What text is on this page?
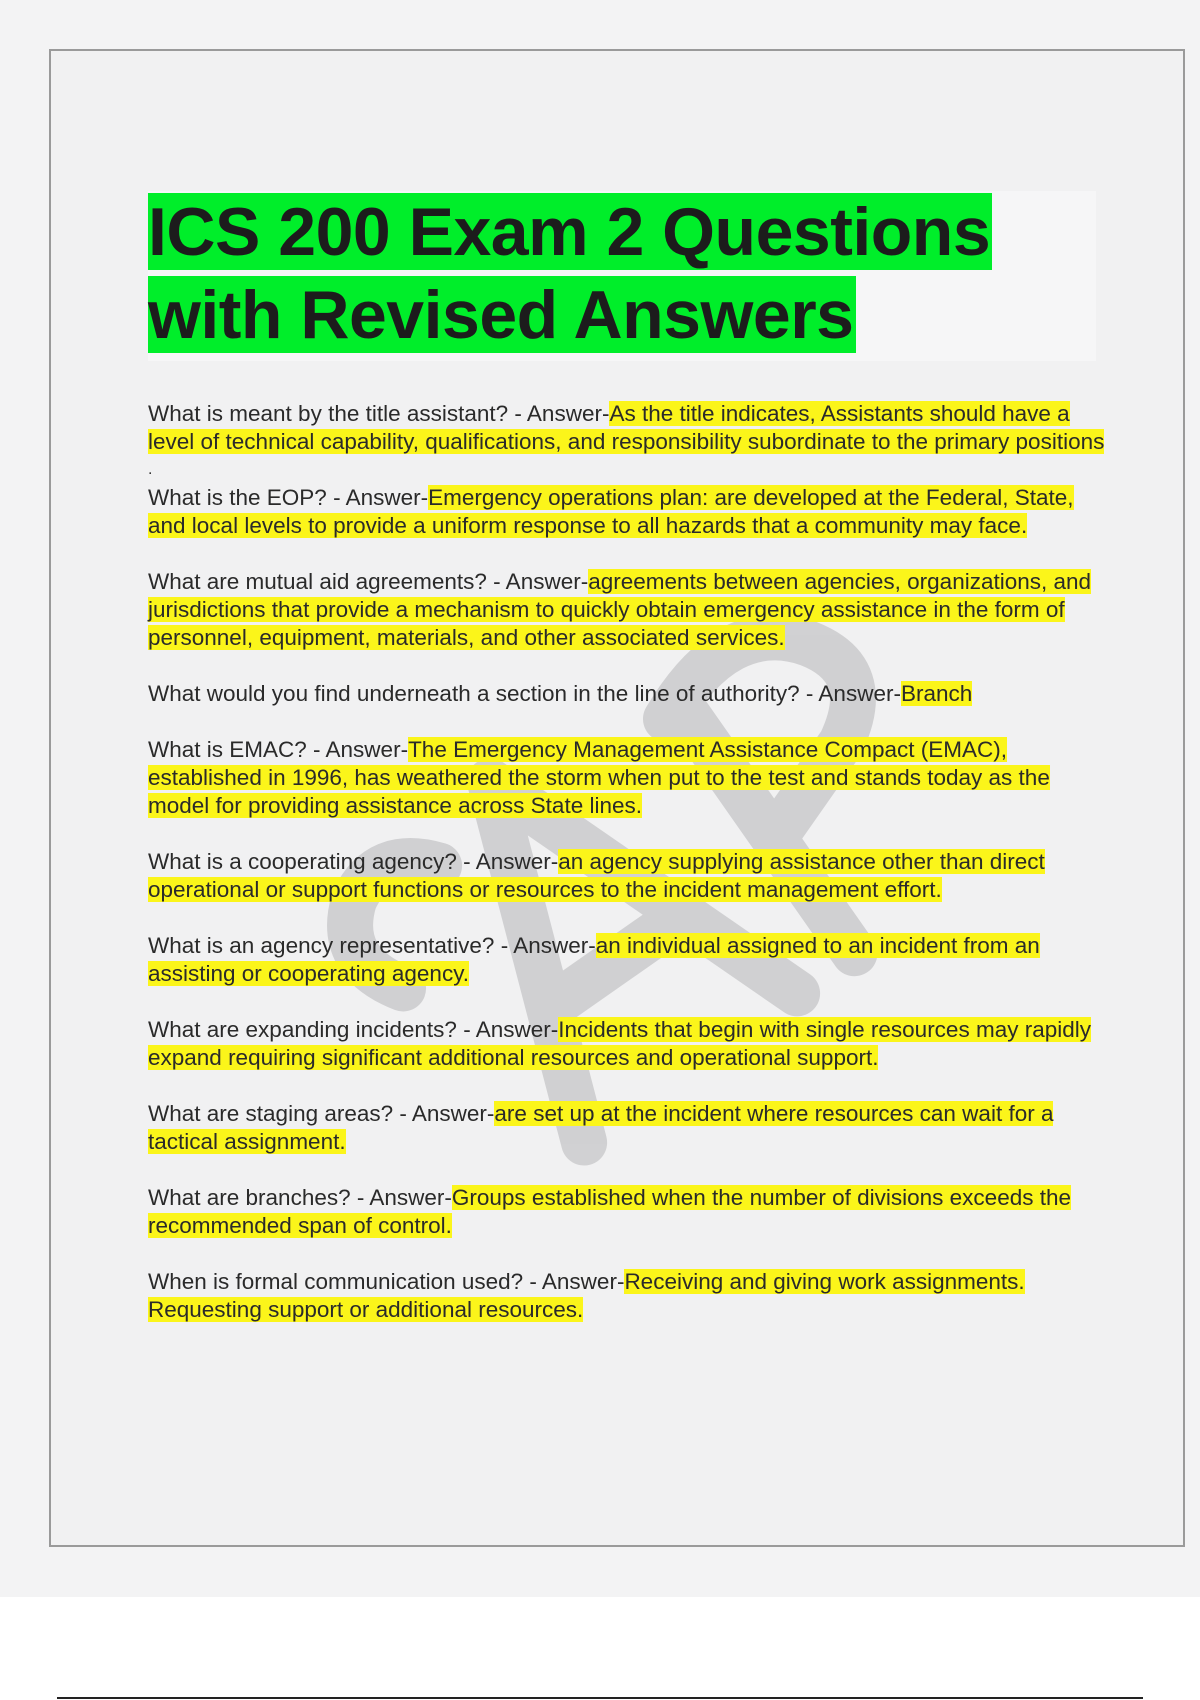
ICS 200 Exam 2 Questions
with Revised Answers

What is meant by the title assistant? - Answer-As the title indicates, Assistants should have a level of technical capability, qualifications, and responsibility subordinate to the primary positions

.

What is the EOP? - Answer-Emergency operations plan: are developed at the Federal, State, and local levels to provide a uniform response to all hazards that a community may face.

What are mutual aid agreements? - Answer-agreements between agencies, organizations, and jurisdictions that provide a mechanism to quickly obtain emergency assistance in the form of personnel, equipment, materials, and other associated services.

What would you find underneath a section in the line of authority? - Answer-Branch

What is EMAC? - Answer-The Emergency Management Assistance Compact (EMAC), established in 1996, has weathered the storm when put to the test and stands today as the model for providing assistance across State lines.

What is a cooperating agency? - Answer-an agency supplying assistance other than direct operational or support functions or resources to the incident management effort.

What is an agency representative? - Answer-an individual assigned to an incident from an assisting or cooperating agency.

What are expanding incidents? - Answer-Incidents that begin with single resources may rapidly expand requiring significant additional resources and operational support.

What are staging areas? - Answer-are set up at the incident where resources can wait for a tactical assignment.

What are branches? - Answer-Groups established when the number of divisions exceeds the recommended span of control.

When is formal communication used? - Answer-Receiving and giving work assignments.
Requesting support or additional resources.
